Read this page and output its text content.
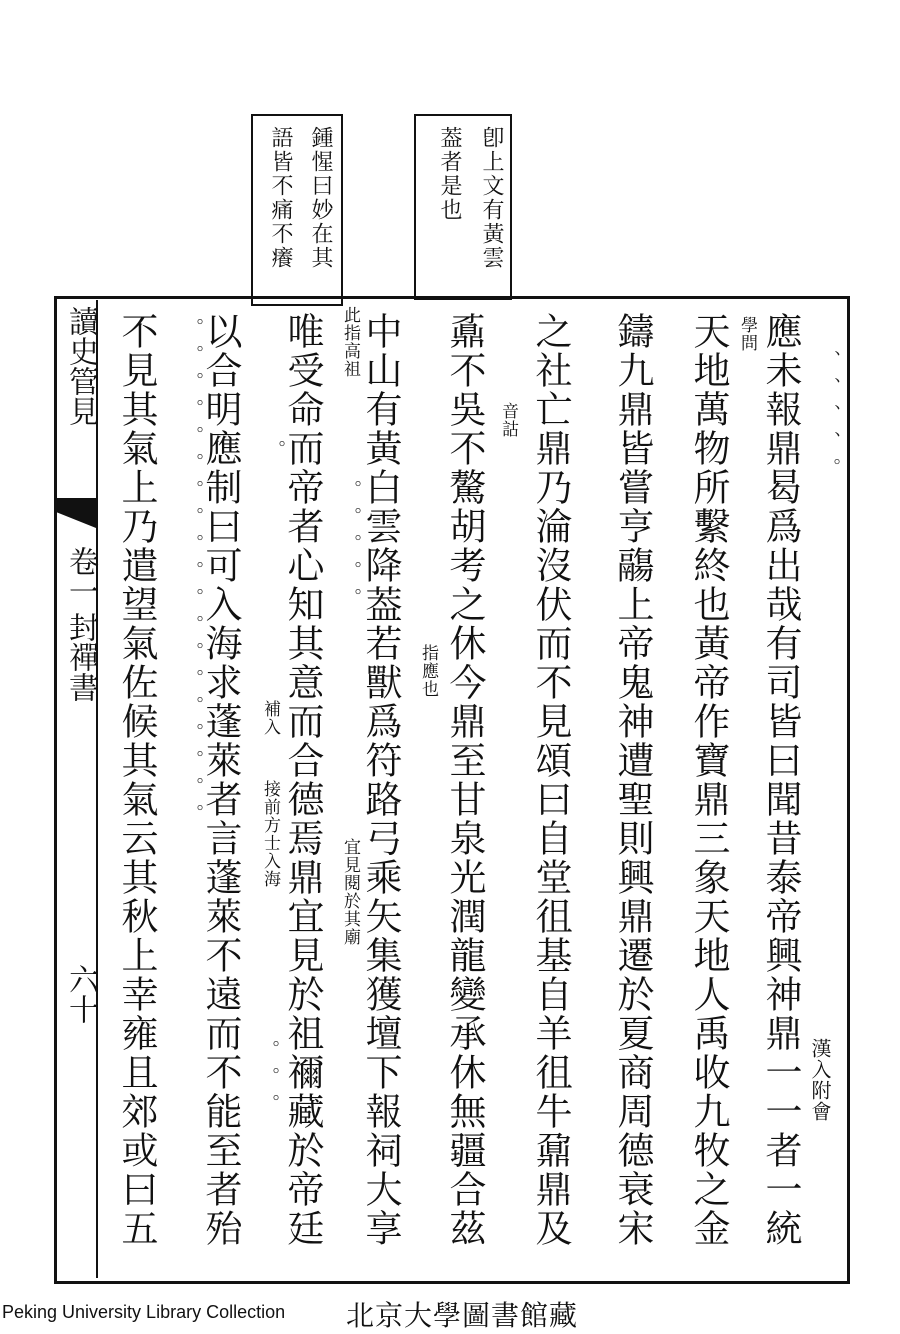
鍾惺曰妙在其
語皆不痛不癢	卽上文有黃雲
葢者是也
讀史管見
卷一
封禪書
六十
漢入附會
應未報鼎曷爲出哉有司皆曰聞昔泰帝興神鼎一一者一統
天地萬物所繫終也黃帝作寶鼎三象天地人禹收九牧之金
鑄九鼎皆嘗亨鬺上帝鬼神遭聖則興鼎遷於夏商周德衰宋
之社亡鼎乃淪沒伏而不見頌曰自堂徂基自羊徂牛鼐鼎及
鼒不吳不驁胡考之休今鼎至甘泉光潤龍變承休無疆合茲
中山有黃白雲降葢若獸爲符路弓乘矢集獲壇下報祠大享
唯受命而帝者心知其意而合德焉鼎宜見於祖禰藏於帝廷
以合明應制曰可入海求蓬萊者言蓬萊不遠而不能至者殆
不見其氣上乃遣望氣佐候其氣云其秋上幸雍且郊或曰五	學問
音詁
指應也
此指高祖
宜見閱於其廟
補入
接前方士入海
、、、、。
。。。。。。。。。。。。。。。。。。。	。
。。。。。
。。。
Peking University Library Collection 北京大學圖書館藏
